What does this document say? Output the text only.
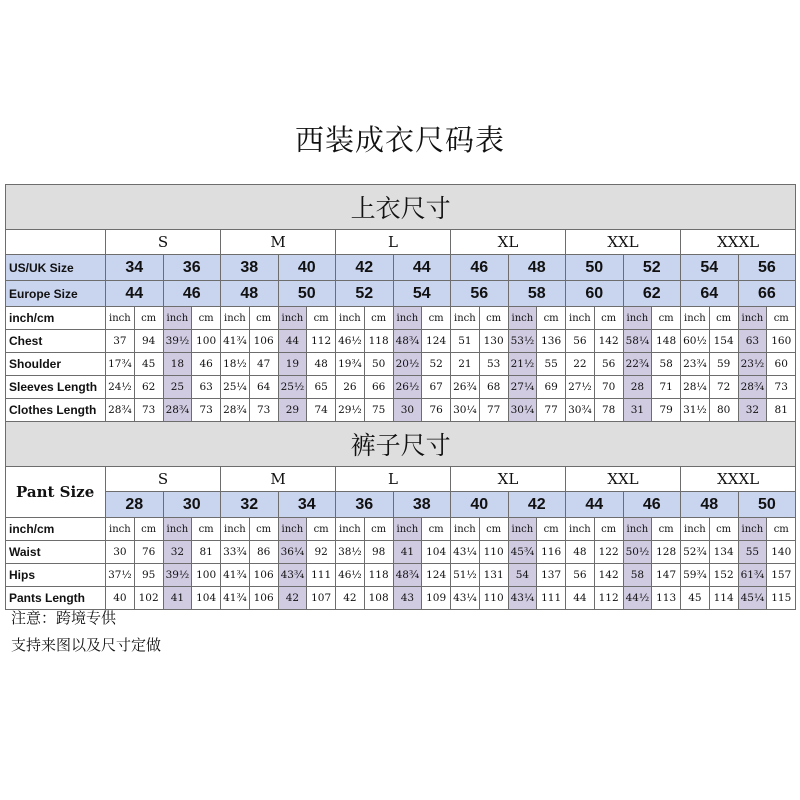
西装成衣尺码表
上衣尺寸																								
	S				M				L				XL				XXL				XXXL			
US/UK Size	34		36		38		40		42		44		46		48		50		52		54		56	
Europe Size	44		46		48		50		52		54		56		58		60		62		64		66	
inch/cm	inch	cm	inch	cm	inch	cm	inch	cm	inch	cm	inch	cm	inch	cm	inch	cm	inch	cm	inch	cm	inch	cm	inch	cm
Chest	37	94	39½	100	41¾	106	44	112	46½	118	48¾	124	51	130	53½	136	56	142	58¼	148	60½	154	63	160
Shoulder	17¾	45	18	46	18½	47	19	48	19¾	50	20½	52	21	53	21½	55	22	56	22¾	58	23¾	59	23½	60
Sleeves Length	24½	62	25	63	25¼	64	25½	65	26	66	26½	67	26¾	68	27¼	69	27½	70	28	71	28¼	72	28¾	73
Clothes Length	28¾	73	28¾	73	28¾	73	29	74	29½	75	30	76	30¼	77	30¼	77	30¾	78	31	79	31½	80	32	81
裤子尺寸																								
Pant Size	S				M				L				XL				XXL				XXXL			
	28		30		32		34		36		38		40		42		44		46		48		50	
inch/cm	inch	cm	inch	cm	inch	cm	inch	cm	inch	cm	inch	cm	inch	cm	inch	cm	inch	cm	inch	cm	inch	cm	inch	cm
Waist	30	76	32	81	33¾	86	36¼	92	38½	98	41	104	43¼	110	45¾	116	48	122	50½	128	52¾	134	55	140
Hips	37½	95	39½	100	41¾	106	43¾	111	46½	118	48¾	124	51½	131	54	137	56	142	58	147	59¾	152	61¾	157
Pants Length	40	102	41	104	41¾	106	42	107	42	108	43	109	43¼	110	43¼	111	44	112	44½	113	45	114	45¼	115
注意：跨境专供
支持来图以及尺寸定做
